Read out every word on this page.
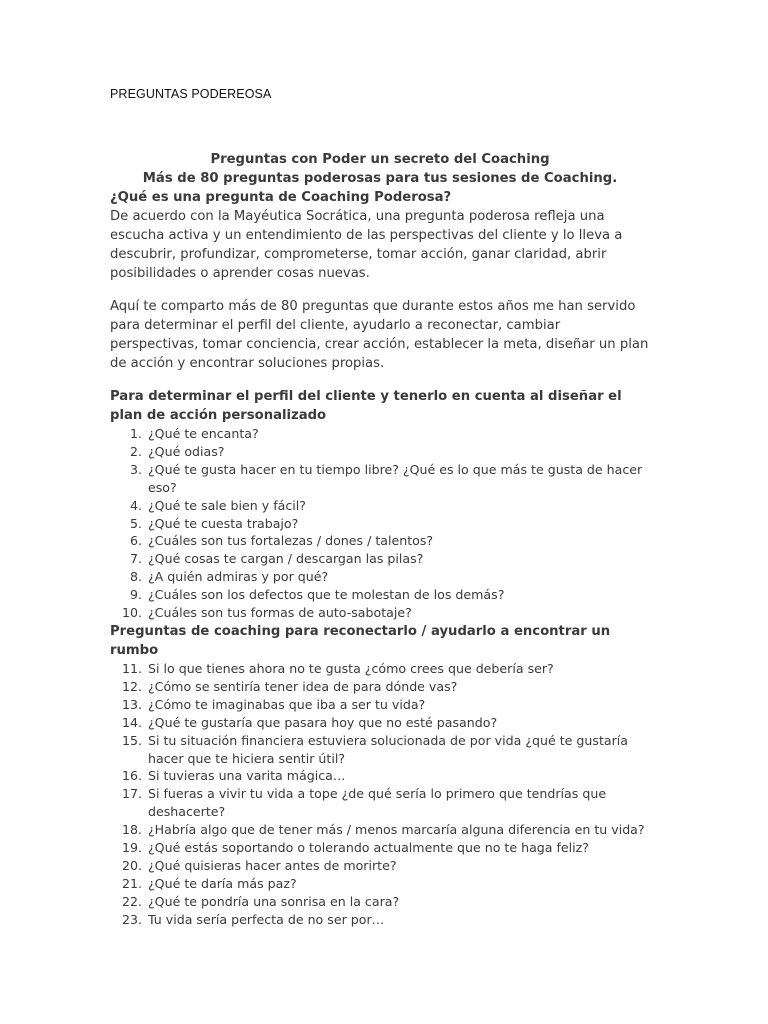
PREGUNTAS PODEREOSA
Preguntas con Poder un secreto del Coaching
Más de 80 preguntas poderosas para tus sesiones de Coaching.
¿Qué es una pregunta de Coaching Poderosa?

De acuerdo con la Mayéutica Socrática, una pregunta poderosa refleja una escucha activa y un entendimiento de las perspectivas del cliente y lo lleva a descubrir, profundizar, comprometerse, tomar acción, ganar claridad, abrir posibilidades o aprender cosas nuevas.

Aquí te comparto más de 80 preguntas que durante estos años me han servido para determinar el perfil del cliente, ayudarlo a reconectar, cambiar perspectivas, tomar conciencia, crear acción, establecer la meta, diseñar un plan de acción y encontrar soluciones propias.

Para determinar el perfil del cliente y tenerlo en cuenta al diseñar el plan de acción personalizado

1. ¿Qué te encanta?
2. ¿Qué odias?
3. ¿Qué te gusta hacer en tu tiempo libre? ¿Qué es lo que más te gusta de hacer eso?
4. ¿Qué te sale bien y fácil?
5. ¿Qué te cuesta trabajo?
6. ¿Cuáles son tus fortalezas / dones / talentos?
7. ¿Qué cosas te cargan / descargan las pilas?
8. ¿A quién admiras y por qué?
9. ¿Cuáles son los defectos que te molestan de los demás?
10. ¿Cuáles son tus formas de auto-sabotaje?

Preguntas de coaching para reconectarlo / ayudarlo a encontrar un rumbo

11. Si lo que tienes ahora no te gusta ¿cómo crees que debería ser?
12. ¿Cómo se sentiría tener idea de para dónde vas?
13. ¿Cómo te imaginabas que iba a ser tu vida?
14. ¿Qué te gustaría que pasara hoy que no esté pasando?
15. Si tu situación financiera estuviera solucionada de por vida ¿qué te gustaría hacer que te hiciera sentir útil?
16. Si tuvieras una varita mágica…
17. Si fueras a vivir tu vida a tope ¿de qué sería lo primero que tendrías que deshacerte?
18. ¿Habría algo que de tener más / menos marcaría alguna diferencia en tu vida?
19. ¿Qué estás soportando o tolerando actualmente que no te haga feliz?
20. ¿Qué quisieras hacer antes de morirte?
21. ¿Qué te daría más paz?
22. ¿Qué te pondría una sonrisa en la cara?
23. Tu vida sería perfecta de no ser por…
